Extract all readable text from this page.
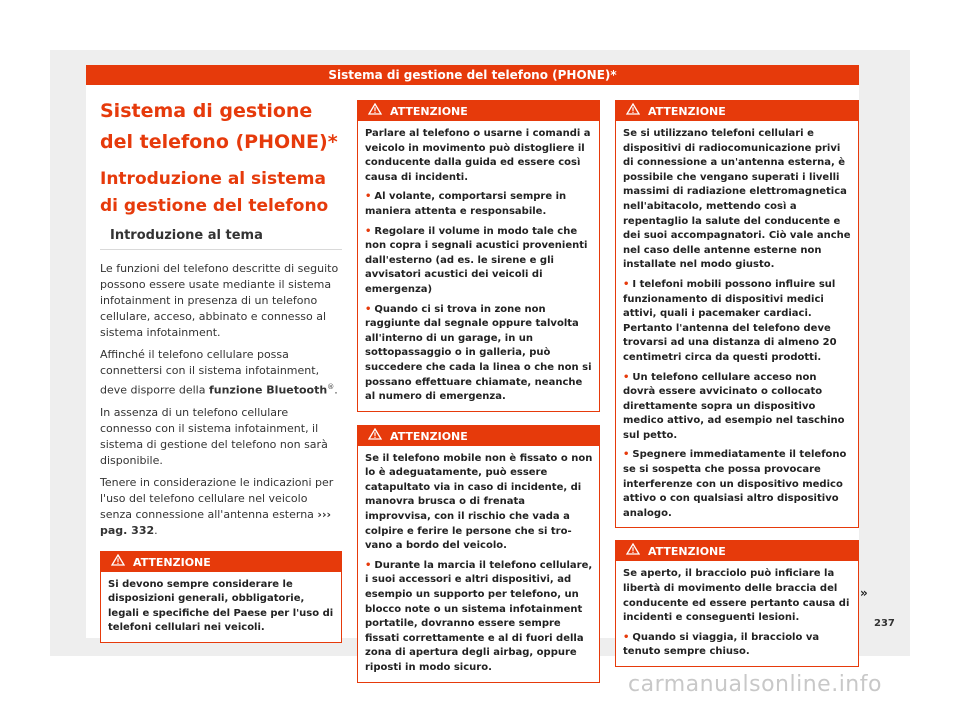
Sistema di gestione del telefono (PHONE)*
Sistema di gestione del telefono (PHONE)*
Introduzione al sistema di gestione del telefono
Introduzione al tema

Le funzioni del telefono descritte di seguito possono essere usate mediante il sistema infotainment in presenza di un telefono cellulare, acceso, abbinato e connesso al sistema infotainment.

Affinché il telefono cellulare possa connettersi con il sistema infotainment, deve disporre della funzione Bluetooth®.

In assenza di un telefono cellulare connesso con il sistema infotainment, il sistema di gestione del telefono non sarà disponibile.

Tenere in considerazione le indicazioni per l'uso del telefono cellulare nel veicolo senza connessione all'antenna esterna ››› pag. 332.

ATTENZIONE

Si devono sempre considerare le disposizioni generali, obbligatorie, legali e specifiche del Paese per l'uso di telefoni cellulari nei veicoli.

ATTENZIONE

Parlare al telefono o usarne i comandi a veicolo in movimento può distogliere il conducente dalla guida ed essere così causa di incidenti.

• Al volante, comportarsi sempre in maniera attenta e responsabile.

• Regolare il volume in modo tale che non copra i segnali acustici provenienti dall'esterno (ad es. le sirene e gli avvisatori acustici dei veicoli di emergenza)

• Quando ci si trova in zone non raggiunte dal segnale oppure talvolta all'interno di un garage, in un sottopassaggio o in galleria, può succedere che cada la linea o che non si possano effettuare chiamate, neanche al numero di emergenza.

ATTENZIONE

Se il telefono mobile non è fissato o non lo è adeguatamente, può essere catapultato via in caso di incidente, di manovra brusca o di frenata improvvisa, con il rischio che vada a colpire e ferire le persone che si trovano a bordo del veicolo.

• Durante la marcia il telefono cellulare, i suoi accessori e altri dispositivi, ad esempio un supporto per telefono, un blocco note o un sistema infotainment portatile, dovranno essere sempre fissati correttamente e al di fuori della zona di apertura degli airbag, oppure riposti in modo sicuro.

ATTENZIONE

Se si utilizzano telefoni cellulari e dispositivi di radiocomunicazione privi di connessione a un'antenna esterna, è possibile che vengano superati i livelli massimi di radiazione elettromagnetica nell'abitacolo, mettendo così a repentaglio la salute del conducente e dei suoi accompagnatori. Ciò vale anche nel caso delle antenne esterne non installate nel modo giusto.

• I telefoni mobili possono influire sul funzionamento di dispositivi medici attivi, quali i pacemaker cardiaci. Pertanto l'antenna del telefono deve trovarsi ad una distanza di almeno 20 centimetri circa da questi prodotti.

• Un telefono cellulare acceso non dovrà essere avvicinato o collocato direttamente sopra un dispositivo medico attivo, ad esempio nel taschino sul petto.

• Spegnere immediatamente il telefono se si sospetta che possa provocare interferenze con un dispositivo medico attivo o con qualsiasi altro dispositivo analogo.

ATTENZIONE

Se aperto, il bracciolo può inficiare la libertà di movimento delle braccia del conducente ed essere pertanto causa di incidenti e conseguenti lesioni.

• Quando si viaggia, il bracciolo va tenuto sempre chiuso.

»
237
carmanualsonline.info
